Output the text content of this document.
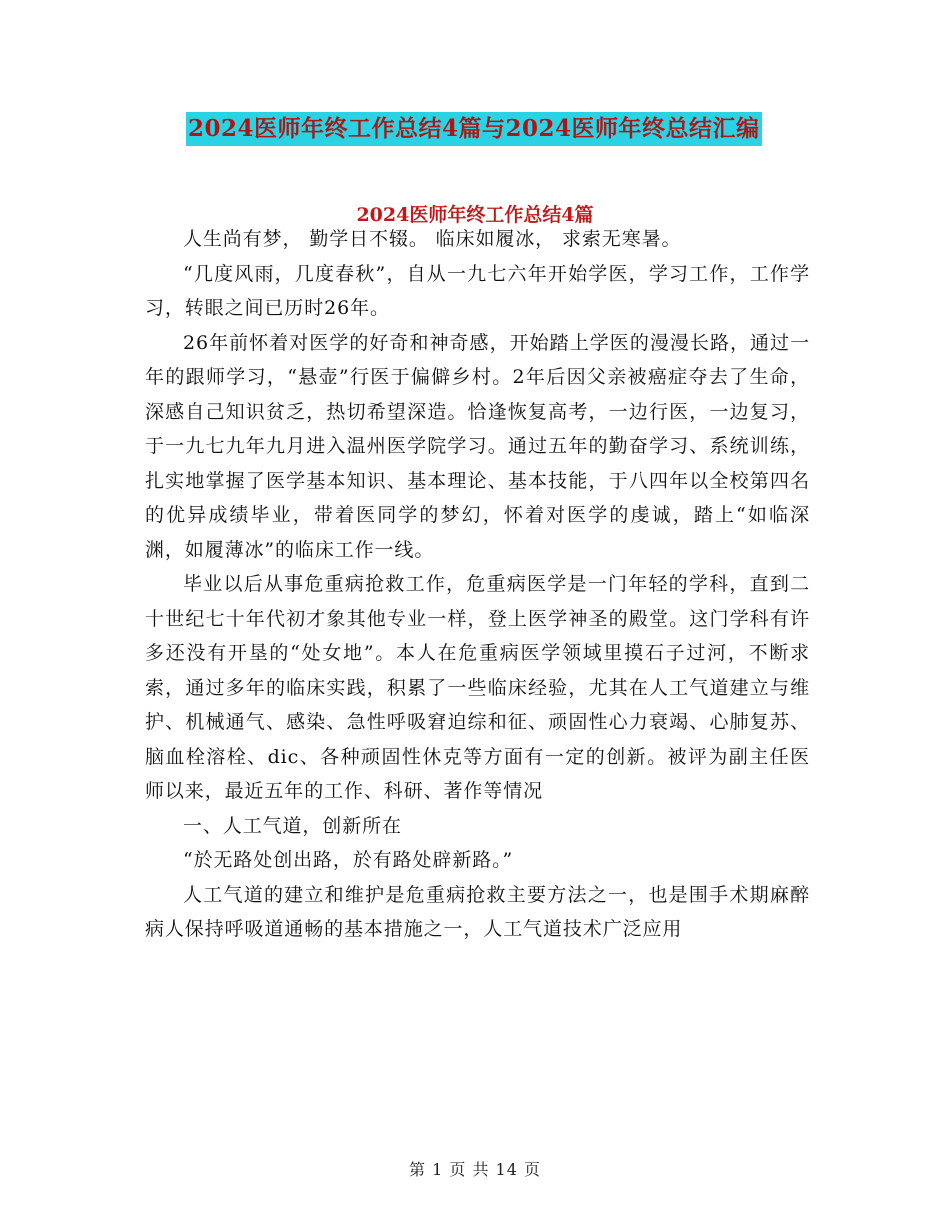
2024医师年终工作总结4篇与2024医师年终总结汇编
2024医师年终工作总结4篇

人生尚有梦， 勤学日不辍。 临床如履冰， 求索无寒暑。

“几度风雨，几度春秋”，自从一九七六年开始学医，学习工作，工作学习，转眼之间已历时26年。

26年前怀着对医学的好奇和神奇感，开始踏上学医的漫漫长路，通过一年的跟师学习，“悬壶”行医于偏僻乡村。2年后因父亲被癌症夺去了生命，深感自己知识贫乏，热切希望深造。恰逢恢复高考，一边行医，一边复习，于一九七九年九月进入温州医学院学习。通过五年的勤奋学习、系统训练，扎实地掌握了医学基本知识、基本理论、基本技能，于八四年以全校第四名的优异成绩毕业，带着医同学的梦幻，怀着对医学的虔诚，踏上“如临深渊，如履薄冰”的临床工作一线。

毕业以后从事危重病抢救工作，危重病医学是一门年轻的学科，直到二十世纪七十年代初才象其他专业一样，登上医学神圣的殿堂。这门学科有许多还没有开垦的“处女地”。本人在危重病医学领域里摸石子过河，不断求索，通过多年的临床实践，积累了一些临床经验，尤其在人工气道建立与维护、机械通气、感染、急性呼吸窘迫综和征、顽固性心力衰竭、心肺复苏、脑血栓溶栓、dic、各种顽固性休克等方面有一定的创新。被评为副主任医师以来，最近五年的工作、科研、著作等情况

一、人工气道，创新所在

“於无路处创出路，於有路处辟新路。”

人工气道的建立和维护是危重病抢救主要方法之一，也是围手术期麻醉病人保持呼吸道通畅的基本措施之一，人工气道技术广泛应用

第 1 页 共 14 页
